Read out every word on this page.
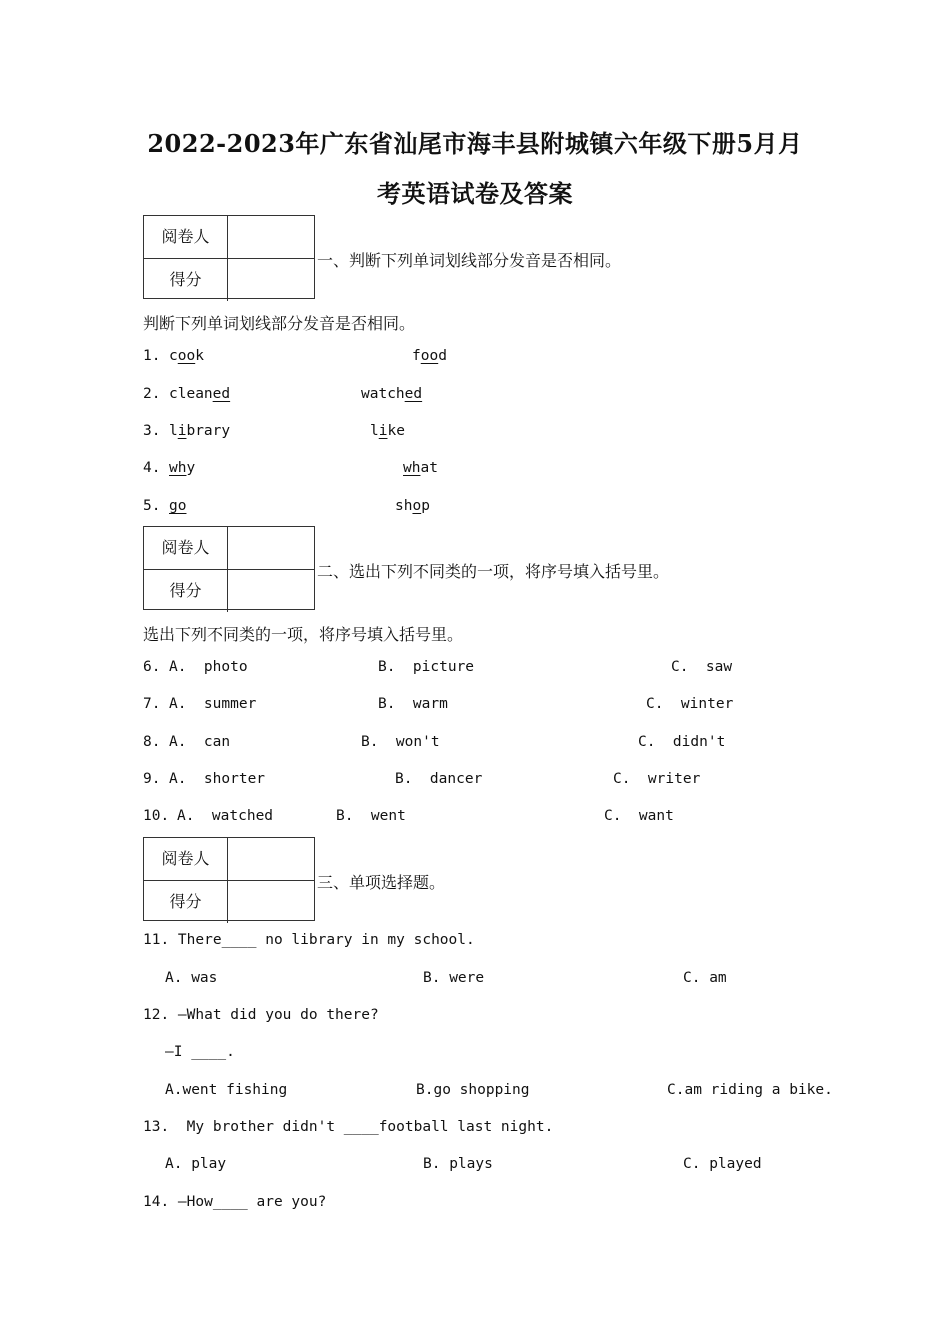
2022-2023年广东省汕尾市海丰县附城镇六年级下册5月月
考英语试卷及答案
阅卷人
得分
一、判断下列单词划线部分发音是否相同。
判断下列单词划线部分发音是否相同。
1. cook	food
2. cleaned	watched
3. library	like
4. why	what
5. go	shop
阅卷人
得分
二、选出下列不同类的一项，将序号填入括号里。
选出下列不同类的一项，将序号填入括号里。
6. A.  photo	B.  picture	C.  saw
7. A.  summer	B.  warm	C.  winter
8. A.  can	B.  won't	C.  didn't
9. A.  shorter	B.  dancer	C.  writer
10. A.  watched	B.  went	C.  want
阅卷人
得分
三、单项选择题。
11. There____ no library in my school.
A. was	B. were	C. am
12. —What did you do there?
—I ____.
A.went fishing	B.go shopping	C.am riding a bike.
13.  My brother didn't ____football last night.
A. play	B. plays	C. played
14. —How____ are you?
